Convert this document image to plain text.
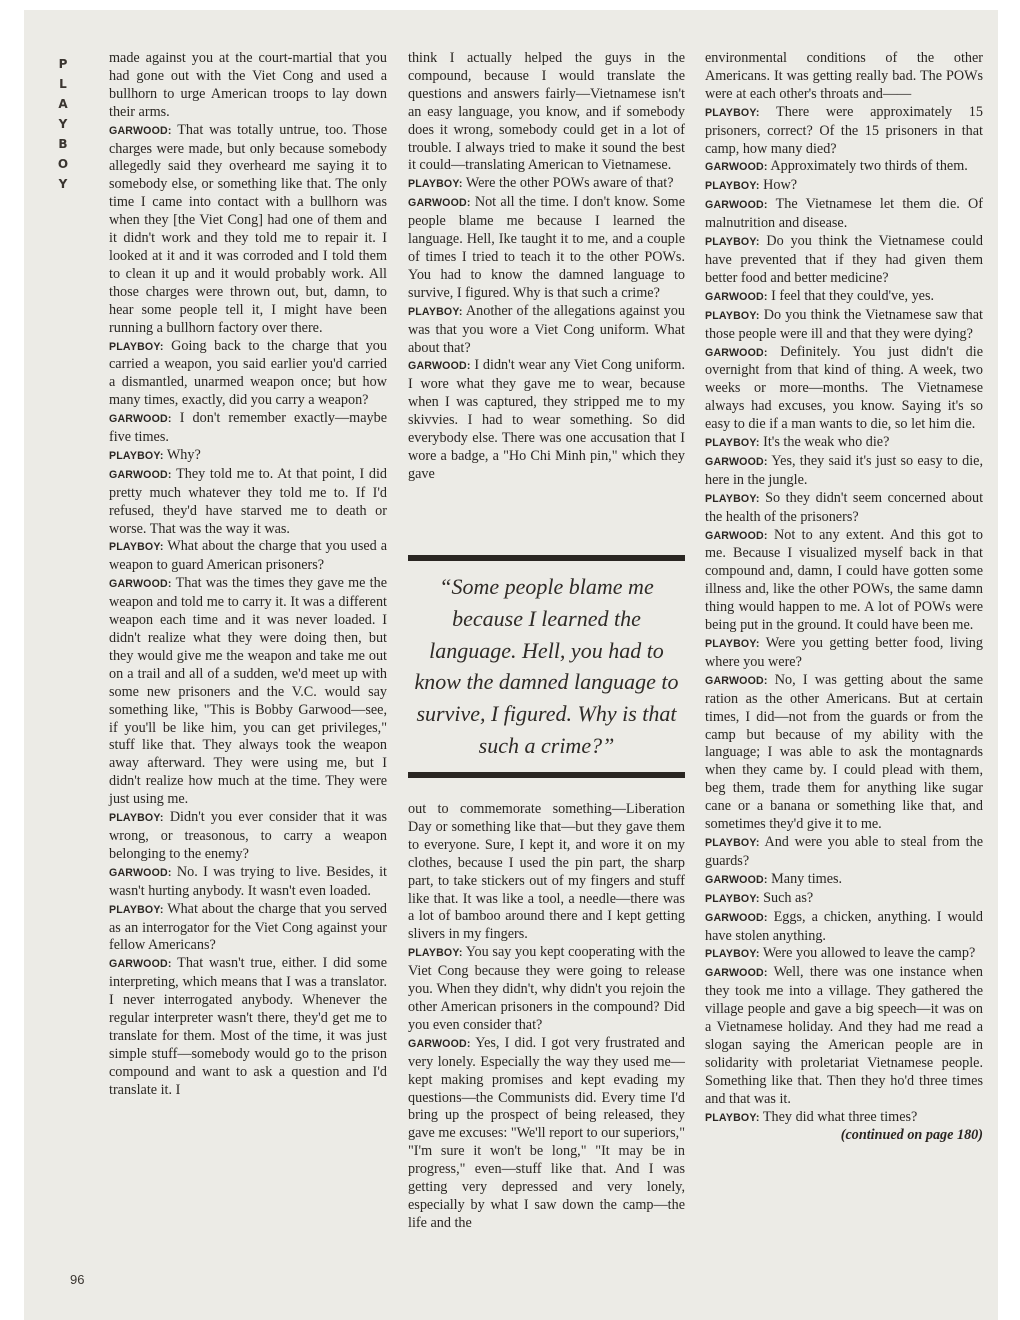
P
L
A
Y
B
O
Y

made against you at the court-martial that you had gone out with the Viet Cong and used a bullhorn to urge American troops to lay down their arms.

GARWOOD: That was totally untrue, too. Those charges were made, but only because somebody allegedly said they overheard me saying it to somebody else, or something like that. The only time I came into contact with a bullhorn was when they [the Viet Cong] had one of them and it didn't work and they told me to repair it. I looked at it and it was corroded and I told them to clean it up and it would probably work. All those charges were thrown out, but, damn, to hear some people tell it, I might have been running a bullhorn factory over there.

PLAYBOY: Going back to the charge that you carried a weapon, you said earlier you'd carried a dismantled, unarmed weapon once; but how many times, exactly, did you carry a weapon?

GARWOOD: I don't remember exactly—maybe five times.

PLAYBOY: Why?

GARWOOD: They told me to. At that point, I did pretty much whatever they told me to. If I'd refused, they'd have starved me to death or worse. That was the way it was.

PLAYBOY: What about the charge that you used a weapon to guard American prisoners?

GARWOOD: That was the times they gave me the weapon and told me to carry it. It was a different weapon each time and it was never loaded. I didn't realize what they were doing then, but they would give me the weapon and take me out on a trail and all of a sudden, we'd meet up with some new prisoners and the V.C. would say something like, "This is Bobby Garwood—see, if you'll be like him, you can get privileges," stuff like that. They always took the weapon away afterward. They were using me, but I didn't realize how much at the time. They were just using me.

PLAYBOY: Didn't you ever consider that it was wrong, or treasonous, to carry a weapon belonging to the enemy?

GARWOOD: No. I was trying to live. Besides, it wasn't hurting anybody. It wasn't even loaded.

PLAYBOY: What about the charge that you served as an interrogator for the Viet Cong against your fellow Americans?

GARWOOD: That wasn't true, either. I did some interpreting, which means that I was a translator. I never interrogated anybody. Whenever the regular interpreter wasn't there, they'd get me to translate for them. Most of the time, it was just simple stuff—somebody would go to the prison compound and want to ask a question and I'd translate it. I

think I actually helped the guys in the compound, because I would translate the questions and answers fairly—Vietnamese isn't an easy language, you know, and if somebody does it wrong, somebody could get in a lot of trouble. I always tried to make it sound the best it could—translating American to Vietnamese.

PLAYBOY: Were the other POWs aware of that?

GARWOOD: Not all the time. I don't know. Some people blame me because I learned the language. Hell, Ike taught it to me, and a couple of times I tried to teach it to the other POWs. You had to know the damned language to survive, I figured. Why is that such a crime?

PLAYBOY: Another of the allegations against you was that you wore a Viet Cong uniform. What about that?

GARWOOD: I didn't wear any Viet Cong uniform. I wore what they gave me to wear, because when I was captured, they stripped me to my skivvies. I had to wear something. So did everybody else. There was one accusation that I wore a badge, a "Ho Chi Minh pin," which they gave

“Some people blame me because I learned the language. Hell, you had to know the damned language to survive, I figured. Why is that such a crime?”

out to commemorate something—Liberation Day or something like that—but they gave them to everyone. Sure, I kept it, and wore it on my clothes, because I used the pin part, the sharp part, to take stickers out of my fingers and stuff like that. It was like a tool, a needle—there was a lot of bamboo around there and I kept getting slivers in my fingers.

PLAYBOY: You say you kept cooperating with the Viet Cong because they were going to release you. When they didn't, why didn't you rejoin the other American prisoners in the compound? Did you even consider that?

GARWOOD: Yes, I did. I got very frustrated and very lonely. Especially the way they used me—kept making promises and kept evading my questions—the Communists did. Every time I'd bring up the prospect of being released, they gave me excuses: "We'll report to our superiors," "I'm sure it won't be long," "It may be in progress," even—stuff like that. And I was getting very depressed and very lonely, especially by what I saw down the camp—the life and the

environmental conditions of the other Americans. It was getting really bad. The POWs were at each other's throats and——

PLAYBOY: There were approximately 15 prisoners, correct? Of the 15 prisoners in that camp, how many died?

GARWOOD: Approximately two thirds of them.

PLAYBOY: How?

GARWOOD: The Vietnamese let them die. Of malnutrition and disease.

PLAYBOY: Do you think the Vietnamese could have prevented that if they had given them better food and better medicine?

GARWOOD: I feel that they could've, yes.

PLAYBOY: Do you think the Vietnamese saw that those people were ill and that they were dying?

GARWOOD: Definitely. You just didn't die overnight from that kind of thing. A week, two weeks or more—months. The Vietnamese always had excuses, you know. Saying it's so easy to die if a man wants to die, so let him die.

PLAYBOY: It's the weak who die?

GARWOOD: Yes, they said it's just so easy to die, here in the jungle.

PLAYBOY: So they didn't seem concerned about the health of the prisoners?

GARWOOD: Not to any extent. And this got to me. Because I visualized myself back in that compound and, damn, I could have gotten some illness and, like the other POWs, the same damn thing would happen to me. A lot of POWs were being put in the ground. It could have been me.

PLAYBOY: Were you getting better food, living where you were?

GARWOOD: No, I was getting about the same ration as the other Americans. But at certain times, I did—not from the guards or from the camp but because of my ability with the language; I was able to ask the montagnards when they came by. I could plead with them, beg them, trade them for anything like sugar cane or a banana or something like that, and sometimes they'd give it to me.

PLAYBOY: And were you able to steal from the guards?

GARWOOD: Many times.

PLAYBOY: Such as?

GARWOOD: Eggs, a chicken, anything. I would have stolen anything.

PLAYBOY: Were you allowed to leave the camp?

GARWOOD: Well, there was one instance when they took me into a village. They gathered the village people and gave a big speech—it was on a Vietnamese holiday. And they had me read a slogan saying the American people are in solidarity with proletariat Vietnamese people. Something like that. Then they ho'd three times and that was it.

PLAYBOY: They did what three times?

(continued on page 180)

96
